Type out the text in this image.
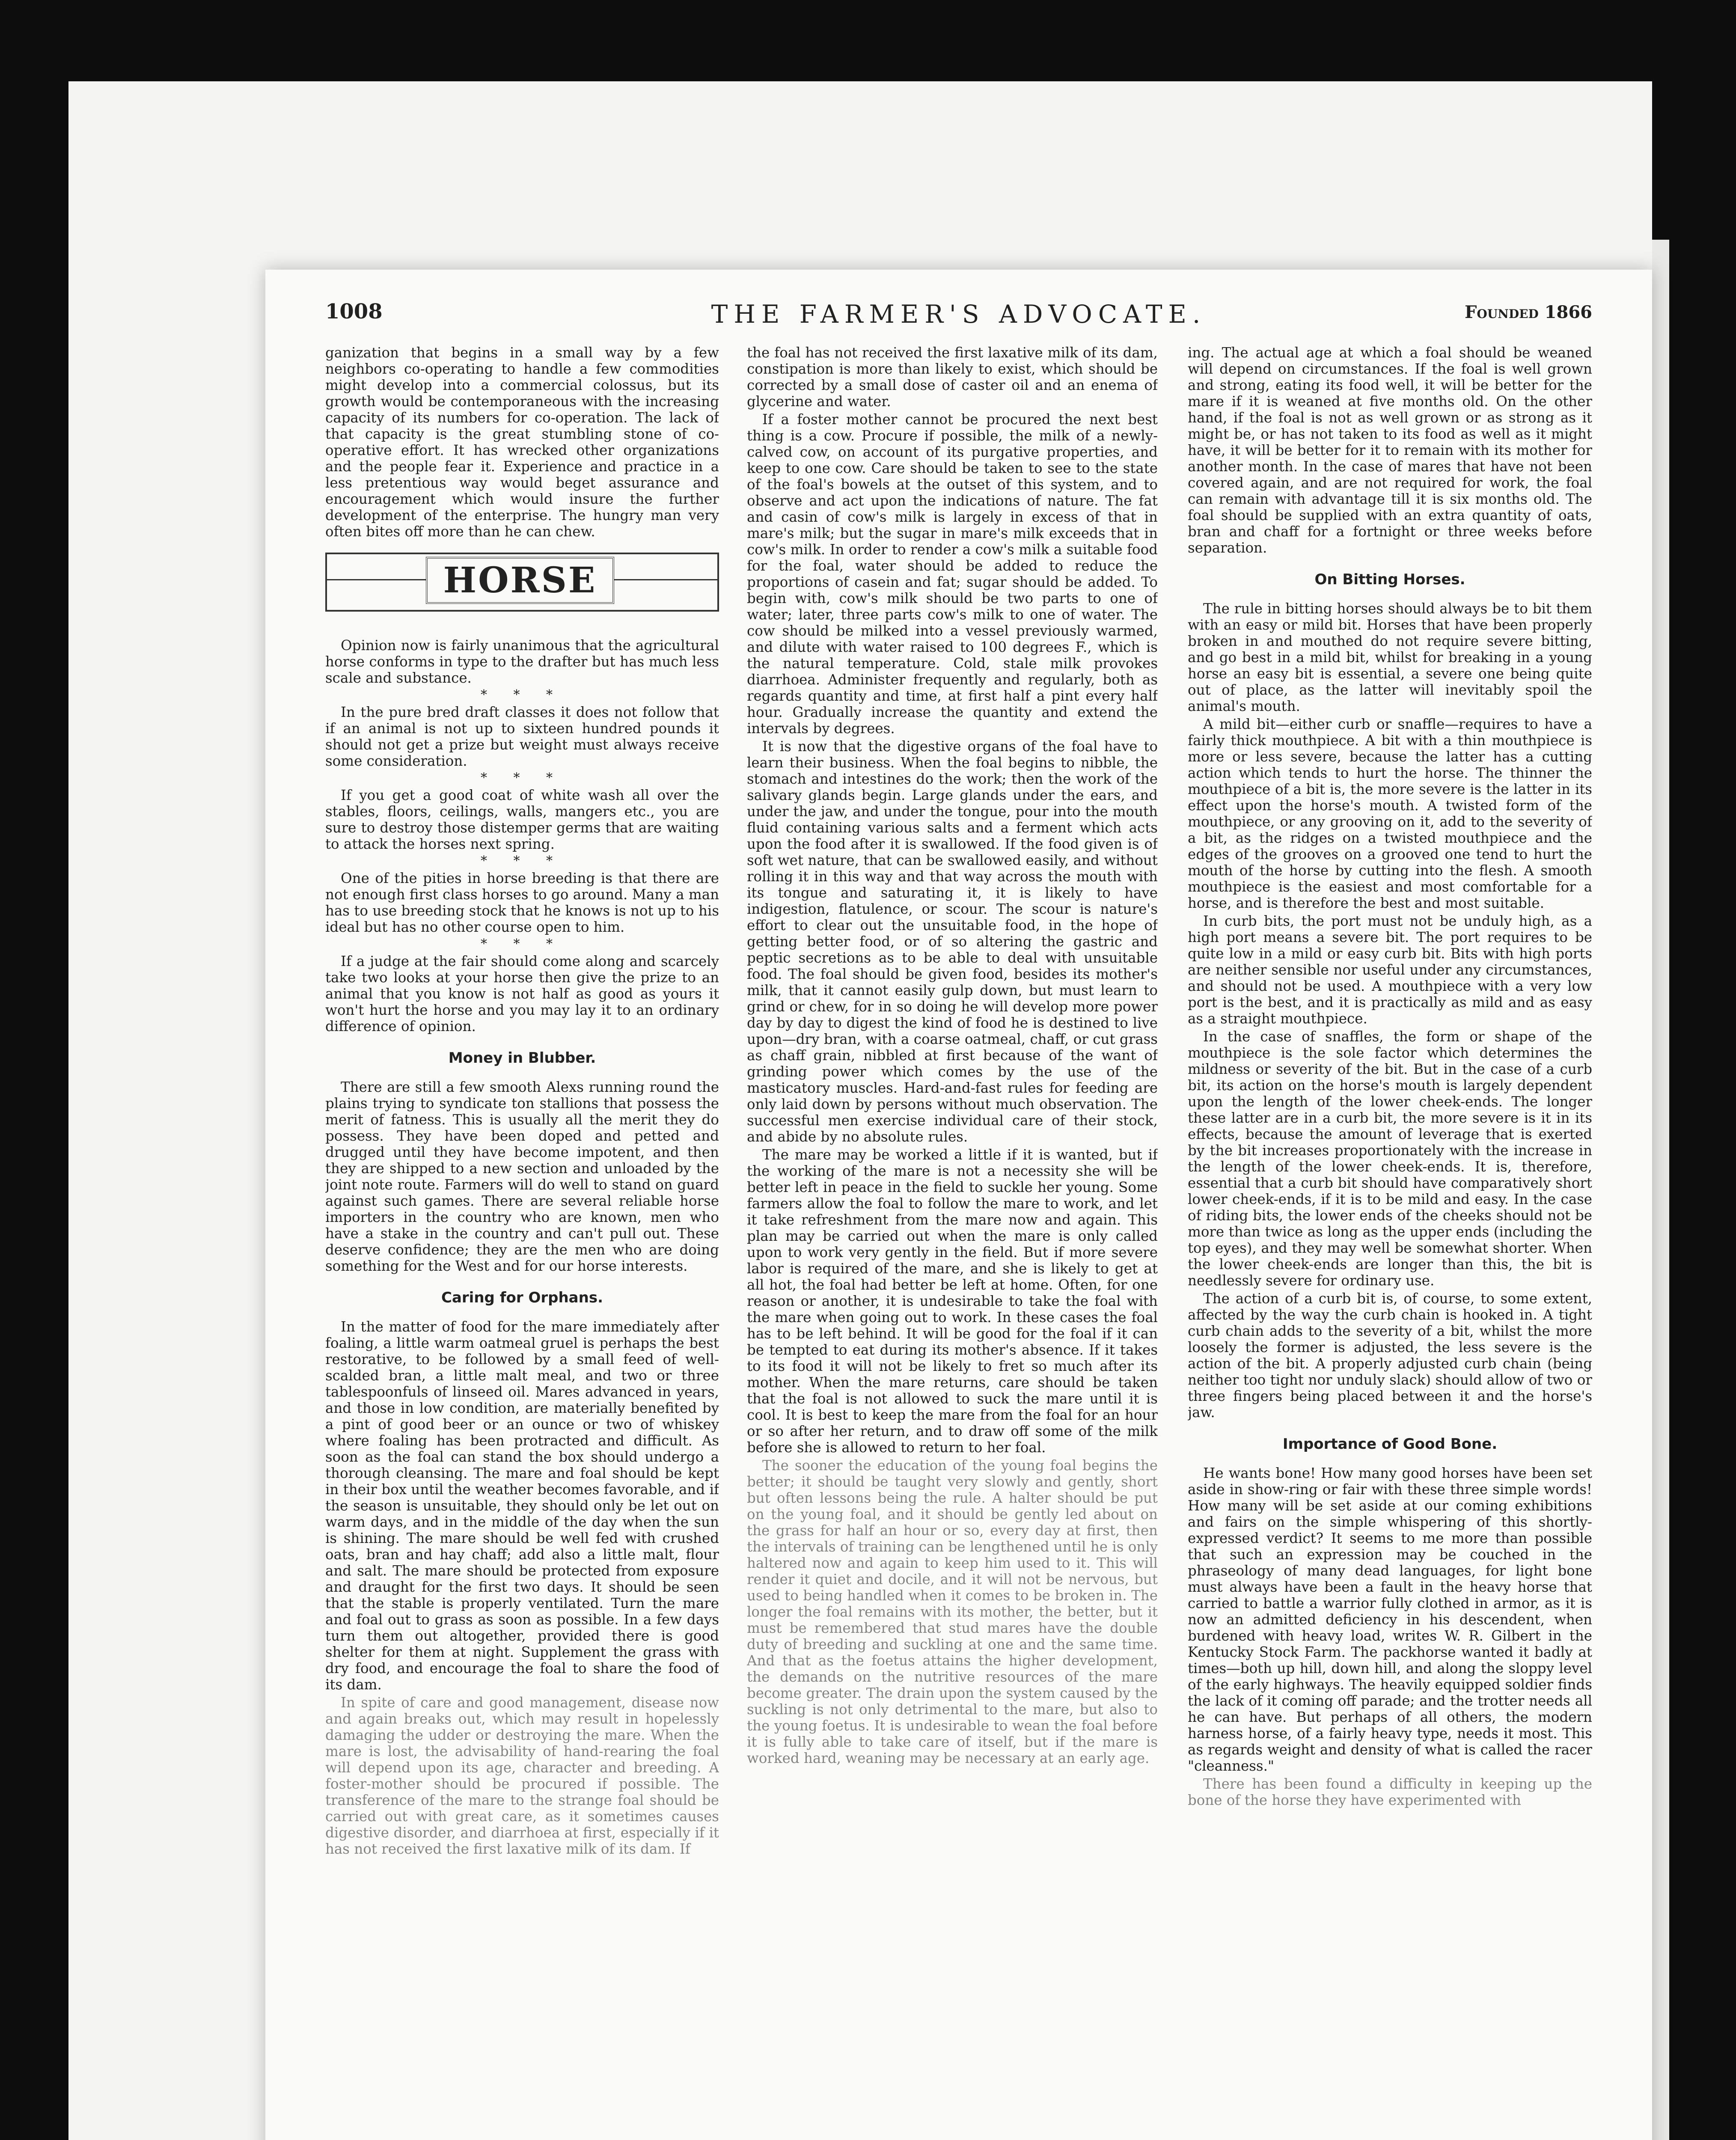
1008	THE FARMER'S ADVOCATE.	Founded 1866

ganization that begins in a small way by a few neighbors co-operating to handle a few commodities might develop into a commercial colossus, but its growth would be contemporaneous with the increasing capacity of its numbers for co-operation. The lack of that capacity is the great stumbling stone of co-operative effort. It has wrecked other organizations and the people fear it. Experience and practice in a less pretentious way would beget assurance and encouragement which would insure the further development of the enterprise. The hungry man very often bites off more than he can chew.

HORSE

Opinion now is fairly unanimous that the agricultural horse conforms in type to the drafter but has much less scale and substance.

* * *

In the pure bred draft classes it does not follow that if an animal is not up to sixteen hundred pounds it should not get a prize but weight must always receive some consideration.

* * *

If you get a good coat of white wash all over the stables, floors, ceilings, walls, mangers etc., you are sure to destroy those distemper germs that are waiting to attack the horses next spring.

* * *

One of the pities in horse breeding is that there are not enough first class horses to go around. Many a man has to use breeding stock that he knows is not up to his ideal but has no other course open to him.

* * *

If a judge at the fair should come along and scarcely take two looks at your horse then give the prize to an animal that you know is not half as good as yours it won't hurt the horse and you may lay it to an ordinary difference of opinion.

Money in Blubber.

There are still a few smooth Alexs running round the plains trying to syndicate ton stallions that possess the merit of fatness. This is usually all the merit they do possess. They have been doped and petted and drugged until they have become impotent, and then they are shipped to a new section and unloaded by the joint note route. Farmers will do well to stand on guard against such games. There are several reliable horse importers in the country who are known, men who have a stake in the country and can't pull out. These deserve confidence; they are the men who are doing something for the West and for our horse interests.

Caring for Orphans.

In the matter of food for the mare immediately after foaling, a little warm oatmeal gruel is perhaps the best restorative, to be followed by a small feed of well-scalded bran, a little malt meal, and two or three tablespoonfuls of linseed oil. Mares advanced in years, and those in low condition, are materially benefited by a pint of good beer or an ounce or two of whiskey where foaling has been protracted and difficult. As soon as the foal can stand the box should undergo a thorough cleansing. The mare and foal should be kept in their box until the weather becomes favorable, and if the season is unsuitable, they should only be let out on warm days, and in the middle of the day when the sun is shining. The mare should be well fed with crushed oats, bran and hay chaff; add also a little malt, flour and salt. The mare should be protected from exposure and draught for the first two days. It should be seen that the stable is properly ventilated. Turn the mare and foal out to grass as soon as possible. In a few days turn them out altogether, provided there is good shelter for them at night. Supplement the grass with dry food, and encourage the foal to share the food of its dam.

In spite of care and good management, disease now and again breaks out, which may result in hopelessly damaging the udder or destroying the mare. When the mare is lost, the advisability of hand-rearing the foal will depend upon its age, character and breeding. A foster-mother should be procured if possible. The transference of the mare to the strange foal should be carried out with great care, as it sometimes causes digestive disorder, and diarrhoea at first, especially if it has not received the first laxative milk of its dam. If

the foal has not received the first laxative milk of its dam, constipation is more than likely to exist, which should be corrected by a small dose of caster oil and an enema of glycerine and water.

If a foster mother cannot be procured the next best thing is a cow. Procure if possible, the milk of a newly-calved cow, on account of its purgative properties, and keep to one cow. Care should be taken to see to the state of the foal's bowels at the outset of this system, and to observe and act upon the indications of nature. The fat and casin of cow's milk is largely in excess of that in mare's milk; but the sugar in mare's milk exceeds that in cow's milk. In order to render a cow's milk a suitable food for the foal, water should be added to reduce the proportions of casein and fat; sugar should be added. To begin with, cow's milk should be two parts to one of water; later, three parts cow's milk to one of water. The cow should be milked into a vessel previously warmed, and dilute with water raised to 100 degrees F., which is the natural temperature. Cold, stale milk provokes diarrhoea. Administer frequently and regularly, both as regards quantity and time, at first half a pint every half hour. Gradually increase the quantity and extend the intervals by degrees.

It is now that the digestive organs of the foal have to learn their business. When the foal begins to nibble, the stomach and intestines do the work; then the work of the salivary glands begin. Large glands under the ears, and under the jaw, and under the tongue, pour into the mouth fluid containing various salts and a ferment which acts upon the food after it is swallowed. If the food given is of soft wet nature, that can be swallowed easily, and without rolling it in this way and that way across the mouth with its tongue and saturating it, it is likely to have indigestion, flatulence, or scour. The scour is nature's effort to clear out the unsuitable food, in the hope of getting better food, or of so altering the gastric and peptic secretions as to be able to deal with unsuitable food. The foal should be given food, besides its mother's milk, that it cannot easily gulp down, but must learn to grind or chew, for in so doing he will develop more power day by day to digest the kind of food he is destined to live upon—dry bran, with a coarse oatmeal, chaff, or cut grass as chaff grain, nibbled at first because of the want of grinding power which comes by the use of the masticatory muscles. Hard-and-fast rules for feeding are only laid down by persons without much observation. The successful men exercise individual care of their stock, and abide by no absolute rules.

The mare may be worked a little if it is wanted, but if the working of the mare is not a necessity she will be better left in peace in the field to suckle her young. Some farmers allow the foal to follow the mare to work, and let it take refreshment from the mare now and again. This plan may be carried out when the mare is only called upon to work very gently in the field. But if more severe labor is required of the mare, and she is likely to get at all hot, the foal had better be left at home. Often, for one reason or another, it is undesirable to take the foal with the mare when going out to work. In these cases the foal has to be left behind. It will be good for the foal if it can be tempted to eat during its mother's absence. If it takes to its food it will not be likely to fret so much after its mother. When the mare returns, care should be taken that the foal is not allowed to suck the mare until it is cool. It is best to keep the mare from the foal for an hour or so after her return, and to draw off some of the milk before she is allowed to return to her foal.

The sooner the education of the young foal begins the better; it should be taught very slowly and gently, short but often lessons being the rule. A halter should be put on the young foal, and it should be gently led about on the grass for half an hour or so, every day at first, then the intervals of training can be lengthened until he is only haltered now and again to keep him used to it. This will render it quiet and docile, and it will not be nervous, but used to being handled when it comes to be broken in. The longer the foal remains with its mother, the better, but it must be remembered that stud mares have the double duty of breeding and suckling at one and the same time. And that as the foetus attains the higher development, the demands on the nutritive resources of the mare become greater. The drain upon the system caused by the suckling is not only detrimental to the mare, but also to the young foetus. It is undesirable to wean the foal before it is fully able to take care of itself, but if the mare is worked hard, weaning may be necessary at an early age.

ing. The actual age at which a foal should be weaned will depend on circumstances. If the foal is well grown and strong, eating its food well, it will be better for the mare if it is weaned at five months old. On the other hand, if the foal is not as well grown or as strong as it might be, or has not taken to its food as well as it might have, it will be better for it to remain with its mother for another month. In the case of mares that have not been covered again, and are not required for work, the foal can remain with advantage till it is six months old. The foal should be supplied with an extra quantity of oats, bran and chaff for a fortnight or three weeks before separation.

On Bitting Horses.

The rule in bitting horses should always be to bit them with an easy or mild bit. Horses that have been properly broken in and mouthed do not require severe bitting, and go best in a mild bit, whilst for breaking in a young horse an easy bit is essential, a severe one being quite out of place, as the latter will inevitably spoil the animal's mouth.

A mild bit—either curb or snaffle—requires to have a fairly thick mouthpiece. A bit with a thin mouthpiece is more or less severe, because the latter has a cutting action which tends to hurt the horse. The thinner the mouthpiece of a bit is, the more severe is the latter in its effect upon the horse's mouth. A twisted form of the mouthpiece, or any grooving on it, add to the severity of a bit, as the ridges on a twisted mouthpiece and the edges of the grooves on a grooved one tend to hurt the mouth of the horse by cutting into the flesh. A smooth mouthpiece is the easiest and most comfortable for a horse, and is therefore the best and most suitable.

In curb bits, the port must not be unduly high, as a high port means a severe bit. The port requires to be quite low in a mild or easy curb bit. Bits with high ports are neither sensible nor useful under any circumstances, and should not be used. A mouthpiece with a very low port is the best, and it is practically as mild and as easy as a straight mouthpiece.

In the case of snaffles, the form or shape of the mouthpiece is the sole factor which determines the mildness or severity of the bit. But in the case of a curb bit, its action on the horse's mouth is largely dependent upon the length of the lower cheek-ends. The longer these latter are in a curb bit, the more severe is it in its effects, because the amount of leverage that is exerted by the bit increases proportionately with the increase in the length of the lower cheek-ends. It is, therefore, essential that a curb bit should have comparatively short lower cheek-ends, if it is to be mild and easy. In the case of riding bits, the lower ends of the cheeks should not be more than twice as long as the upper ends (including the top eyes), and they may well be somewhat shorter. When the lower cheek-ends are longer than this, the bit is needlessly severe for ordinary use.

The action of a curb bit is, of course, to some extent, affected by the way the curb chain is hooked in. A tight curb chain adds to the severity of a bit, whilst the more loosely the former is adjusted, the less severe is the action of the bit. A properly adjusted curb chain (being neither too tight nor unduly slack) should allow of two or three fingers being placed between it and the horse's jaw.

Importance of Good Bone.

He wants bone! How many good horses have been set aside in show-ring or fair with these three simple words! How many will be set aside at our coming exhibitions and fairs on the simple whispering of this shortly-expressed verdict? It seems to me more than possible that such an expression may be couched in the phraseology of many dead languages, for light bone must always have been a fault in the heavy horse that carried to battle a warrior fully clothed in armor, as it is now an admitted deficiency in his descendent, when burdened with heavy load, writes W. R. Gilbert in the Kentucky Stock Farm. The packhorse wanted it badly at times—both up hill, down hill, and along the sloppy level of the early highways. The heavily equipped soldier finds the lack of it coming off parade; and the trotter needs all he can have. But perhaps of all others, the modern harness horse, of a fairly heavy type, needs it most. This as regards weight and density of what is called the racer "cleanness."

There has been found a difficulty in keeping up the bone of the horse they have experimented with
